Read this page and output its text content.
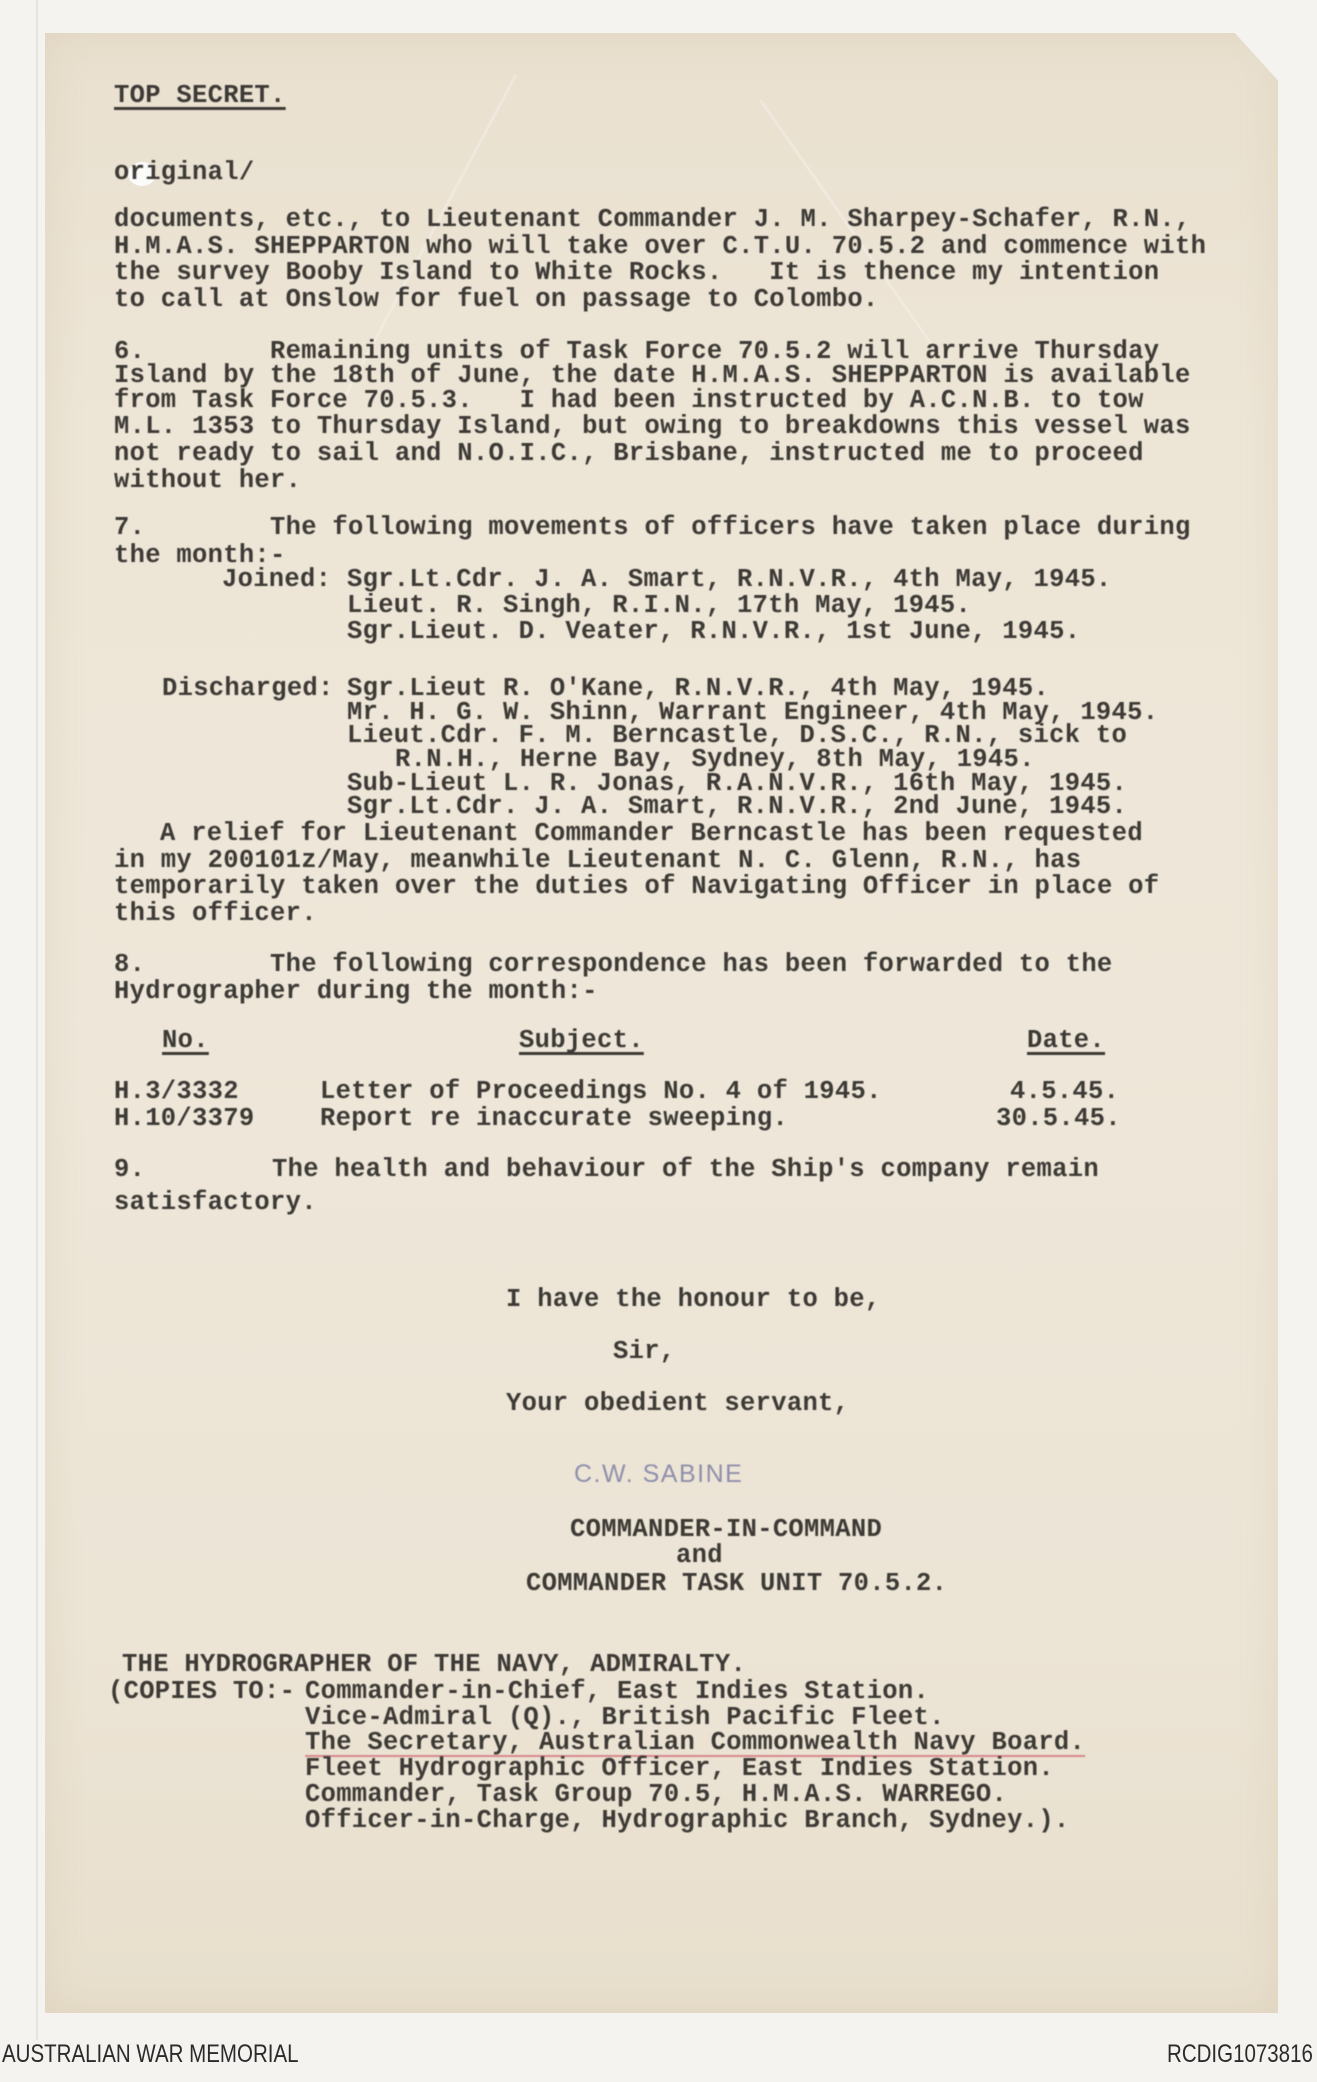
TOP SECRET.
original/
documents, etc., to Lieutenant Commander J. M. Sharpey-Schafer, R.N.,
H.M.A.S. SHEPPARTON who will take over C.T.U. 70.5.2 and commence with
the survey Booby Island to White Rocks.   It is thence my intention
to call at Onslow for fuel on passage to Colombo.
6.	Remaining units of Task Force 70.5.2 will arrive Thursday
Island by the 18th of June, the date H.M.A.S. SHEPPARTON is available
from Task Force 70.5.3.   I had been instructed by A.C.N.B. to tow
M.L. 1353 to Thursday Island, but owing to breakdowns this vessel was
not ready to sail and N.O.I.C., Brisbane, instructed me to proceed
without her.
7.	The following movements of officers have taken place during
the month:-
Joined: Sgr.Lt.Cdr. J. A. Smart, R.N.V.R., 4th May, 1945.
Lieut. R. Singh, R.I.N., 17th May, 1945.
Sgr.Lieut. D. Veater, R.N.V.R., 1st June, 1945.
Discharged: Sgr.Lieut R. O'Kane, R.N.V.R., 4th May, 1945.
Mr. H. G. W. Shinn, Warrant Engineer, 4th May, 1945.
Lieut.Cdr. F. M. Berncastle, D.S.C., R.N., sick to
R.N.H., Herne Bay, Sydney, 8th May, 1945.
Sub-Lieut L. R. Jonas, R.A.N.V.R., 16th May, 1945.
Sgr.Lt.Cdr. J. A. Smart, R.N.V.R., 2nd June, 1945.
A relief for Lieutenant Commander Berncastle has been requested
in my 200101z/May, meanwhile Lieutenant N. C. Glenn, R.N., has
temporarily taken over the duties of Navigating Officer in place of
this officer.
8.	The following correspondence has been forwarded to the
Hydrographer during the month:-
No.	Subject.	Date.
H.3/3332	Letter of Proceedings No. 4 of 1945.	4.5.45.
H.10/3379	Report re inaccurate sweeping.	30.5.45.
9.	The health and behaviour of the Ship's company remain
satisfactory.
I have the honour to be,
Sir,
Your obedient servant,
C.W. SABINE
COMMANDER-IN-COMMAND
and
COMMANDER TASK UNIT 70.5.2.
THE HYDROGRAPHER OF THE NAVY, ADMIRALTY.
(COPIES TO:- Commander-in-Chief, East Indies Station.
Vice-Admiral (Q)., British Pacific Fleet.
The Secretary, Australian Commonwealth Navy Board.
Fleet Hydrographic Officer, East Indies Station.
Commander, Task Group 70.5, H.M.A.S. WARREGO.
Officer-in-Charge, Hydrographic Branch, Sydney.).
AUSTRALIAN WAR MEMORIAL	RCDIG1073816
